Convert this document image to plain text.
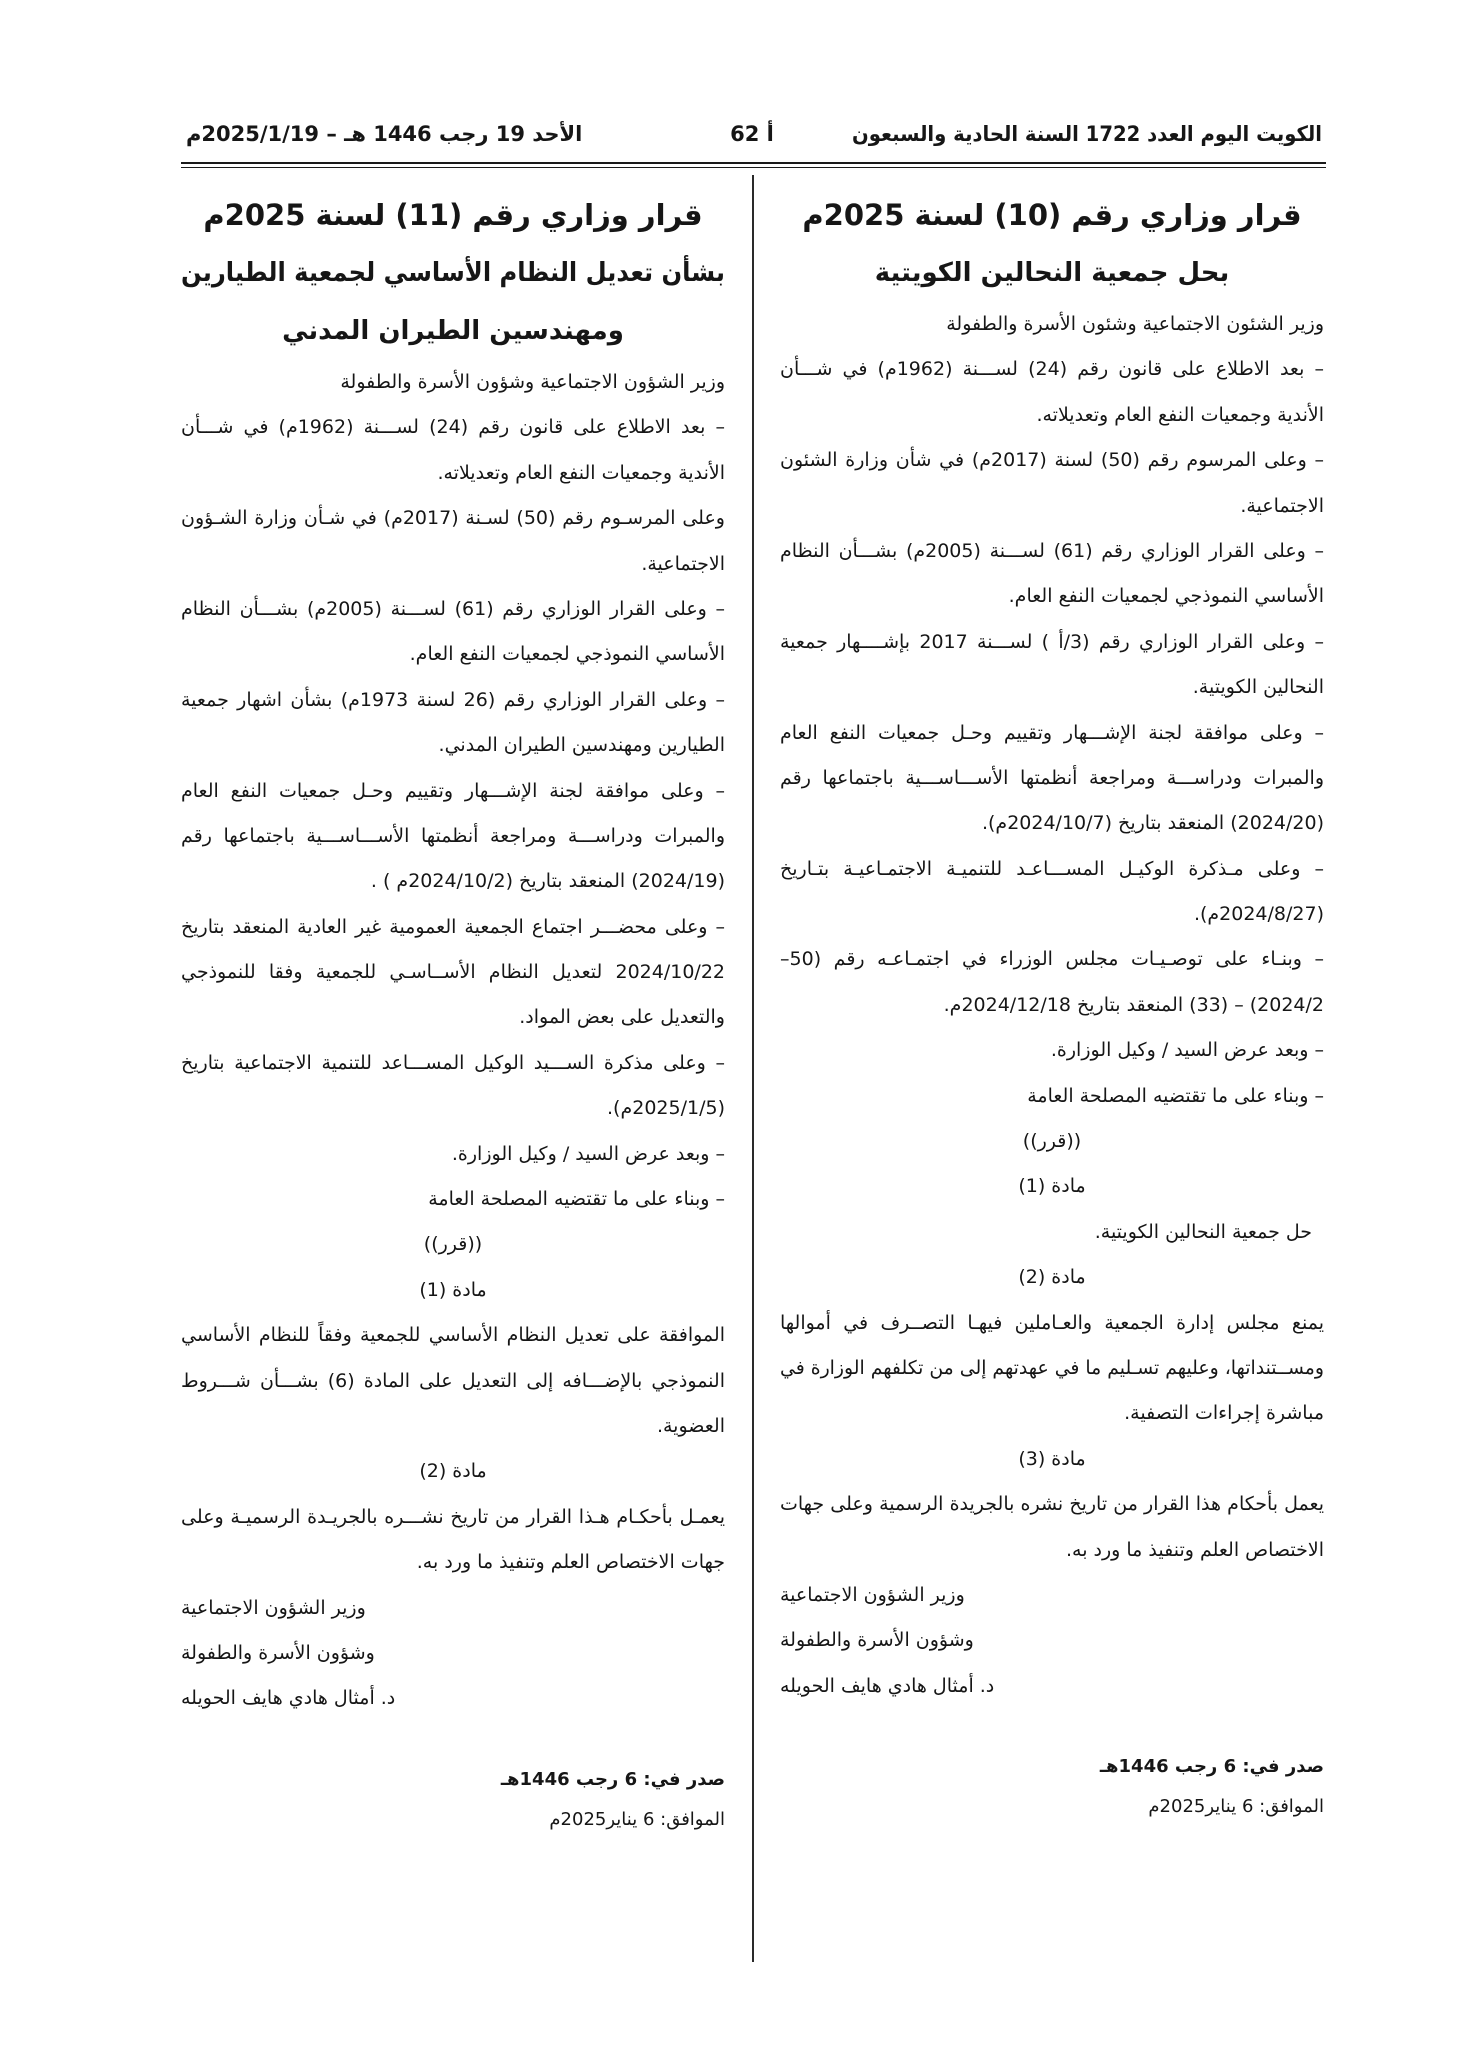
الكويت اليوم العدد 1722 السنة الحادية والسبعون
أ 62
الأحد 19 رجب 1446 هـ – 2025/1/19م
قرار وزاري رقم (10) لسنة 2025م
بحل جمعية النحالين الكويتية
وزير الشئون الاجتماعية وشئون الأسرة والطفولة
– بعد الاطلاع على قانون رقم (24) لســـنة (1962م) في شـــأن
الأندية وجمعيات النفع العام وتعديلاته.
– وعلى المرسوم رقم (50) لسنة (2017م) في شأن وزارة الشئون
الاجتماعية.
– وعلى القرار الوزاري رقم (61) لســـنة (2005م) بشـــأن النظام
الأساسي النموذجي لجمعيات النفع العام.
– وعلى القرار الوزاري رقم (3/أ ) لســـنة 2017 بإشــــهار جمعية
النحالين الكويتية.
– وعلى موافقة لجنة الإشـــهار وتقييم وحـل جمعيات النفع العام
والمبرات ودراســـة ومراجعة أنظمتها الأســـاســـية باجتماعها رقم
(2024/20) المنعقد بتاريخ (2024/10/7م).
– وعلى مـذكرة الوكيـل المســـاعـد للتنميـة الاجتمـاعيـة بتـاريخ
(2024/8/27م).
– وبنـاء على توصـيـات مجلس الوزراء في اجتمـاعـه رقم (50–
2024/2) – (33) المنعقد بتاريخ 2024/12/18م.
– وبعد عرض السيد / وكيل الوزارة.
– وبناء على ما تقتضيه المصلحة العامة
((قرر))
مادة (1)
حل جمعية النحالين الكويتية.
مادة (2)
يمنع مجلس إدارة الجمعية والعـاملين فيهـا التصــرف في أموالها
ومســتنداتها، وعليهم تسـليم ما في عهدتهم إلى من تكلفهم الوزارة في
مباشرة إجراءات التصفية.
مادة (3)
يعمل بأحكام هذا القرار من تاريخ نشره بالجريدة الرسمية وعلى جهات
الاختصاص العلم وتنفيذ ما ورد به.
وزير الشؤون الاجتماعية
وشؤون الأسرة والطفولة
د. أمثال هادي هايف الحويله
صدر في: 6 رجب 1446هـ
الموافق: 6 يناير2025م
قرار وزاري رقم (11) لسنة 2025م
بشأن تعديل النظام الأساسي لجمعية الطيارين
ومهندسين الطيران المدني
وزير الشؤون الاجتماعية وشؤون الأسرة والطفولة
– بعد الاطلاع على قانون رقم (24) لســـنة (1962م) في شـــأن
الأندية وجمعيات النفع العام وتعديلاته.
وعلى المرسـوم رقم (50) لسـنة (2017م) في شـأن وزارة الشـؤون
الاجتماعية.
– وعلى القرار الوزاري رقم (61) لســـنة (2005م) بشـــأن النظام
الأساسي النموذجي لجمعيات النفع العام.
– وعلى القرار الوزاري رقم (26 لسنة 1973م) بشأن اشهار جمعية
الطيارين ومهندسين الطيران المدني.
– وعلى موافقة لجنة الإشـــهار وتقييم وحـل جمعيات النفع العام
والمبرات ودراســـة ومراجعة أنظمتها الأســـاســـية باجتماعها رقم
(2024/19) المنعقد بتاريخ (2024/10/2م ) .
– وعلى محضـــر اجتماع الجمعية العمومية غير العادية المنعقد بتاريخ
2024/10/22 لتعديل النظام الأســاسـي للجمعية وفقا للنموذجي
والتعديل على بعض المواد.
– وعلى مذكرة الســـيد الوكيل المســـاعد للتنمية الاجتماعية بتاريخ
(2025/1/5م).
– وبعد عرض السيد / وكيل الوزارة.
– وبناء على ما تقتضيه المصلحة العامة
((قرر))
مادة (1)
الموافقة على تعديل النظام الأساسي للجمعية وفقاً للنظام الأساسي
النموذجي بالإضـــافه إلى التعديل على المادة (6) بشـــأن شـــروط
العضوية.
مادة (2)
يعمـل بأحكـام هـذا القرار من تاريخ نشـــره بالجريـدة الرسميـة وعلى
جهات الاختصاص العلم وتنفيذ ما ورد به.
وزير الشؤون الاجتماعية
وشؤون الأسرة والطفولة
د. أمثال هادي هايف الحويله
صدر في: 6 رجب 1446هـ
الموافق: 6 يناير2025م
